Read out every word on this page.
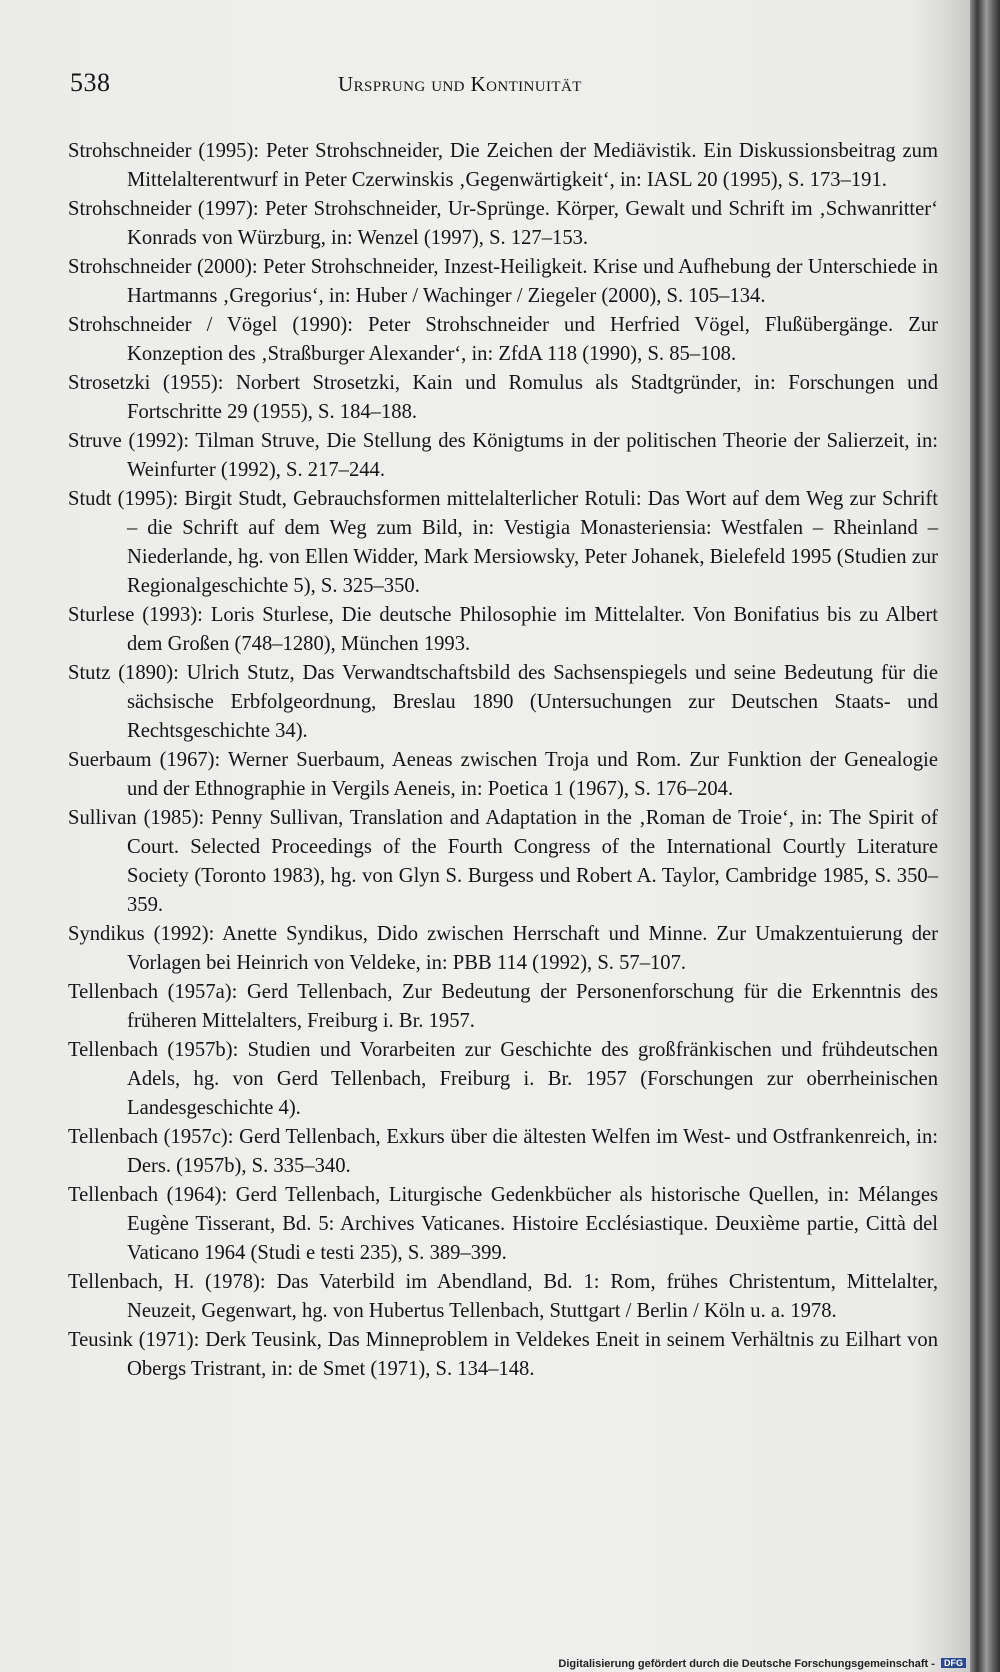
538	Ursprung und Kontinuität

Strohschneider (1995): Peter Strohschneider, Die Zeichen der Mediävistik. Ein Diskussionsbeitrag zum Mittelalterentwurf in Peter Czerwinskis ‚Gegenwärtigkeit‘, in: IASL 20 (1995), S. 173–191.

Strohschneider (1997): Peter Strohschneider, Ur-Sprünge. Körper, Gewalt und Schrift im ‚Schwanritter‘ Konrads von Würzburg, in: Wenzel (1997), S. 127–153.

Strohschneider (2000): Peter Strohschneider, Inzest-Heiligkeit. Krise und Aufhebung der Unterschiede in Hartmanns ‚Gregorius‘, in: Huber / Wachinger / Ziegeler (2000), S. 105–134.

Strohschneider / Vögel (1990): Peter Strohschneider und Herfried Vögel, Flußübergänge. Zur Konzeption des ‚Straßburger Alexander‘, in: ZfdA 118 (1990), S. 85–108.

Strosetzki (1955): Norbert Strosetzki, Kain und Romulus als Stadtgründer, in: Forschungen und Fortschritte 29 (1955), S. 184–188.

Struve (1992): Tilman Struve, Die Stellung des Königtums in der politischen Theorie der Salierzeit, in: Weinfurter (1992), S. 217–244.

Studt (1995): Birgit Studt, Gebrauchsformen mittelalterlicher Rotuli: Das Wort auf dem Weg zur Schrift – die Schrift auf dem Weg zum Bild, in: Vestigia Monasteriensia: Westfalen – Rheinland – Niederlande, hg. von Ellen Widder, Mark Mersiowsky, Peter Johanek, Bielefeld 1995 (Studien zur Regionalgeschichte 5), S. 325–350.

Sturlese (1993): Loris Sturlese, Die deutsche Philosophie im Mittelalter. Von Bonifatius bis zu Albert dem Großen (748–1280), München 1993.

Stutz (1890): Ulrich Stutz, Das Verwandtschaftsbild des Sachsenspiegels und seine Bedeutung für die sächsische Erbfolgeordnung, Breslau 1890 (Untersuchungen zur Deutschen Staats- und Rechtsgeschichte 34).

Suerbaum (1967): Werner Suerbaum, Aeneas zwischen Troja und Rom. Zur Funktion der Genealogie und der Ethnographie in Vergils Aeneis, in: Poetica 1 (1967), S. 176–204.

Sullivan (1985): Penny Sullivan, Translation and Adaptation in the ‚Roman de Troie‘, in: The Spirit of Court. Selected Proceedings of the Fourth Congress of the International Courtly Literature Society (Toronto 1983), hg. von Glyn S. Burgess und Robert A. Taylor, Cambridge 1985, S. 350–359.

Syndikus (1992): Anette Syndikus, Dido zwischen Herrschaft und Minne. Zur Umakzentuierung der Vorlagen bei Heinrich von Veldeke, in: PBB 114 (1992), S. 57–107.

Tellenbach (1957a): Gerd Tellenbach, Zur Bedeutung der Personenforschung für die Erkenntnis des früheren Mittelalters, Freiburg i. Br. 1957.

Tellenbach (1957b): Studien und Vorarbeiten zur Geschichte des großfränkischen und frühdeutschen Adels, hg. von Gerd Tellenbach, Freiburg i. Br. 1957 (Forschungen zur oberrheinischen Landesgeschichte 4).

Tellenbach (1957c): Gerd Tellenbach, Exkurs über die ältesten Welfen im West- und Ostfrankenreich, in: Ders. (1957b), S. 335–340.

Tellenbach (1964): Gerd Tellenbach, Liturgische Gedenkbücher als historische Quellen, in: Mélanges Eugène Tisserant, Bd. 5: Archives Vaticanes. Histoire Ecclésiastique. Deuxième partie, Città del Vaticano 1964 (Studi e testi 235), S. 389–399.

Tellenbach, H. (1978): Das Vaterbild im Abendland, Bd. 1: Rom, frühes Christentum, Mittelalter, Neuzeit, Gegenwart, hg. von Hubertus Tellenbach, Stuttgart / Berlin / Köln u. a. 1978.

Teusink (1971): Derk Teusink, Das Minneproblem in Veldekes Eneit in seinem Verhältnis zu Eilhart von Obergs Tristrant, in: de Smet (1971), S. 134–148.

Digitalisierung gefördert durch die Deutsche Forschungsgemeinschaft - DFG
